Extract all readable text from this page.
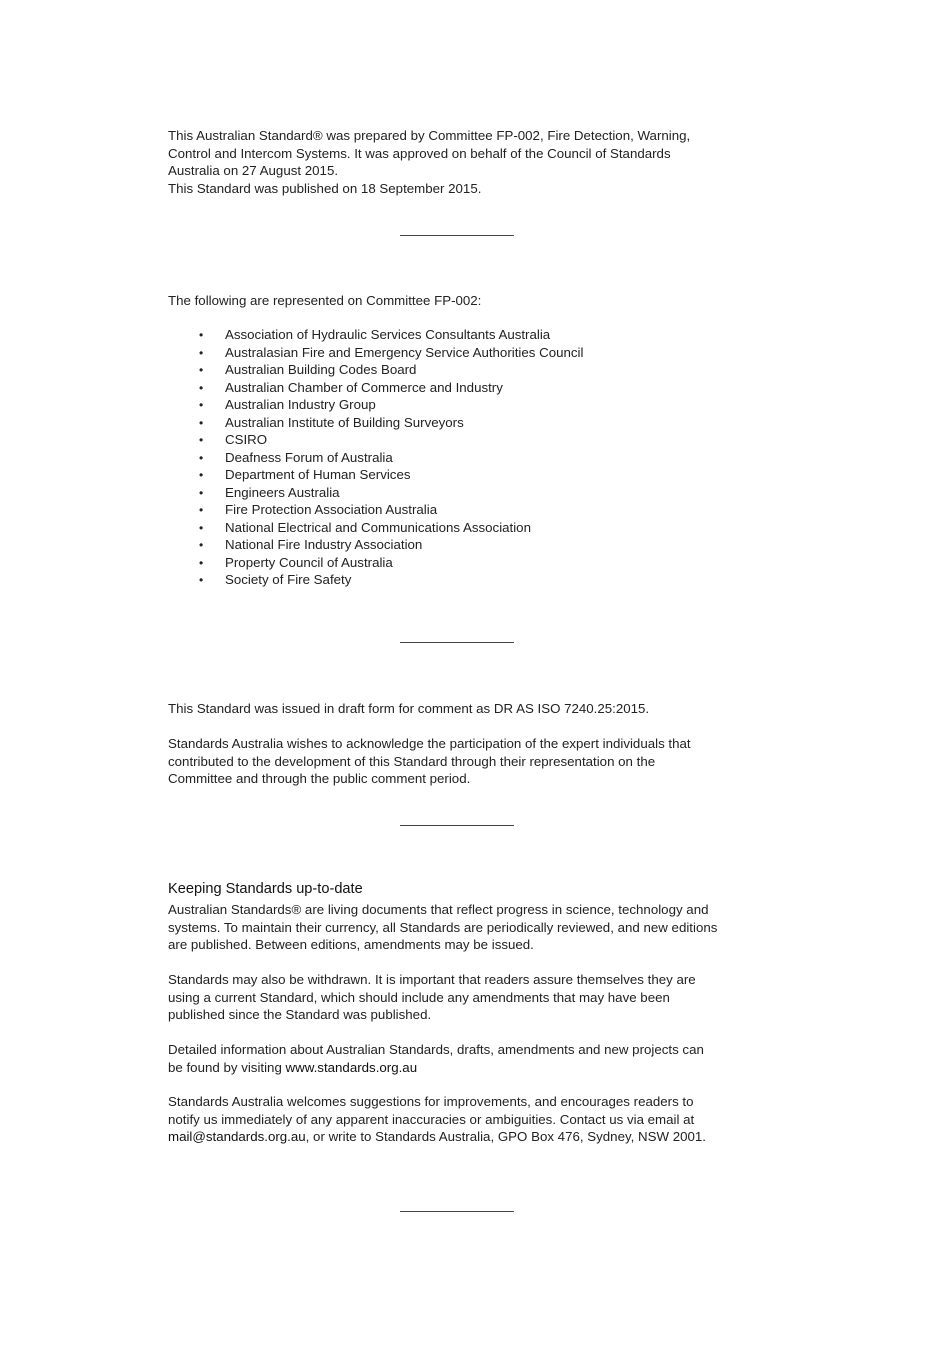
This Australian Standard® was prepared by Committee FP-002, Fire Detection, Warning,

Control and Intercom Systems. It was approved on behalf of the Council of Standards

Australia on 27 August 2015.

This Standard was published on 18 September 2015.

The following are represented on Committee FP-002:

•
Association of Hydraulic Services Consultants Australia
•
Australasian Fire and Emergency Service Authorities Council
•
Australian Building Codes Board
•
Australian Chamber of Commerce and Industry
•
Australian Industry Group
•
Australian Institute of Building Surveyors
•
CSIRO
•
Deafness Forum of Australia
•
Department of Human Services
•
Engineers Australia
•
Fire Protection Association Australia
•
National Electrical and Communications Association
•
National Fire Industry Association
•
Property Council of Australia
•
Society of Fire Safety

This Standard was issued in draft form for comment as DR AS ISO 7240.25:2015.

Standards Australia wishes to acknowledge the participation of the expert individuals that

contributed to the development of this Standard through their representation on the

Committee and through the public comment period.

Keeping Standards up-to-date

Australian Standards® are living documents that reflect progress in science, technology and

systems. To maintain their currency, all Standards are periodically reviewed, and new editions

are published. Between editions, amendments may be issued.

Standards may also be withdrawn. It is important that readers assure themselves they are

using a current Standard, which should include any amendments that may have been

published since the Standard was published.

Detailed information about Australian Standards, drafts, amendments and new projects can

be found by visiting www.standards.org.au

Standards Australia welcomes suggestions for improvements, and encourages readers to

notify us immediately of any apparent inaccuracies or ambiguities. Contact us via email at

mail@standards.org.au, or write to Standards Australia, GPO Box 476, Sydney, NSW 2001.
